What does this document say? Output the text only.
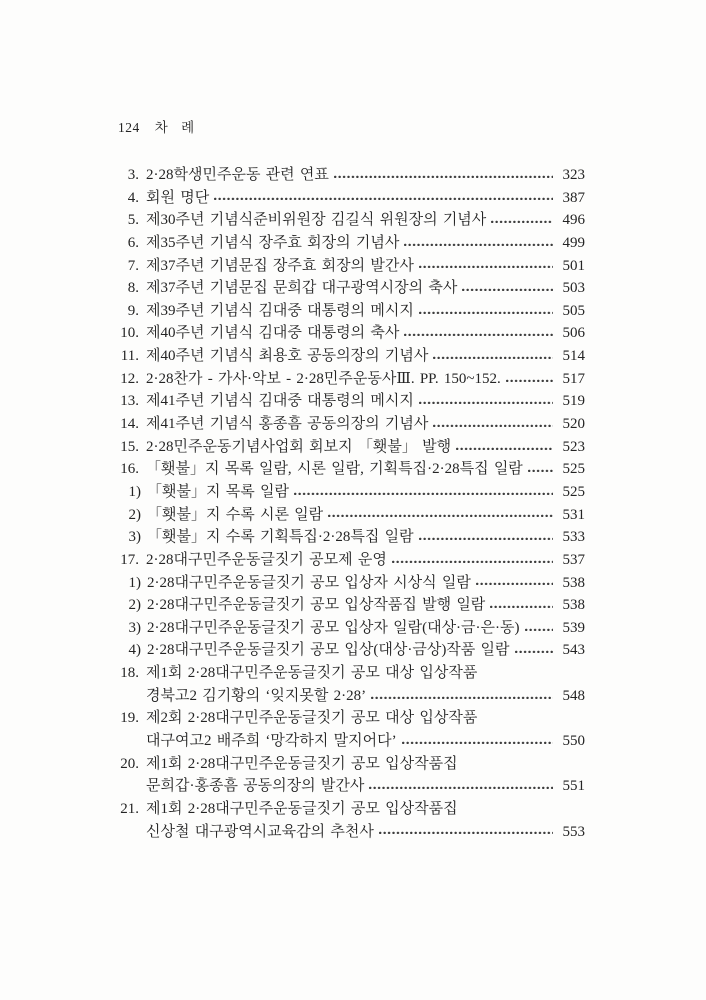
124 차 례
3. 2·28학생민주운동 관련 연표	323
4. 회원 명단	387
5. 제30주년 기념식준비위원장 김길식 위원장의 기념사	496
6. 제35주년 기념식 장주효 회장의 기념사	499
7. 제37주년 기념문집 장주효 회장의 발간사	501
8. 제37주년 기념문집 문희갑 대구광역시장의 축사	503
9. 제39주년 기념식 김대중 대통령의 메시지	505
10. 제40주년 기념식 김대중 대통령의 축사	506
11. 제40주년 기념식 최용호 공동의장의 기념사	514
12. 2·28찬가 - 가사·악보 - 2·28민주운동사Ⅲ. PP. 150~152.	517
13. 제41주년 기념식 김대중 대통령의 메시지	519
14. 제41주년 기념식 홍종흠 공동의장의 기념사	520
15. 2·28민주운동기념사업회 회보지 「횃불」 발행	523
16. 「횃불」지 목록 일람, 시론 일람, 기획특집·2·28특집 일람	525
1) 「횃불」지 목록 일람	525
2) 「횃불」지 수록 시론 일람	531
3) 「횃불」지 수록 기획특집·2·28특집 일람	533
17. 2·28대구민주운동글짓기 공모제 운영	537
1) 2·28대구민주운동글짓기 공모 입상자 시상식 일람	538
2) 2·28대구민주운동글짓기 공모 입상작품집 발행 일람	538
3) 2·28대구민주운동글짓기 공모 입상자 일람(대상·금·은·동)	539
4) 2·28대구민주운동글짓기 공모 입상(대상·금상)작품 일람	543
18. 제1회 2·28대구민주운동글짓기 공모 대상 입상작품
경북고2 김기황의 ‘잊지못할 2·28’	548
19. 제2회 2·28대구민주운동글짓기 공모 대상 입상작품
대구여고2 배주희 ‘망각하지 말지어다’	550
20. 제1회 2·28대구민주운동글짓기 공모 입상작품집
문희갑·홍종흠 공동의장의 발간사	551
21. 제1회 2·28대구민주운동글짓기 공모 입상작품집
신상철 대구광역시교육감의 추천사	553
